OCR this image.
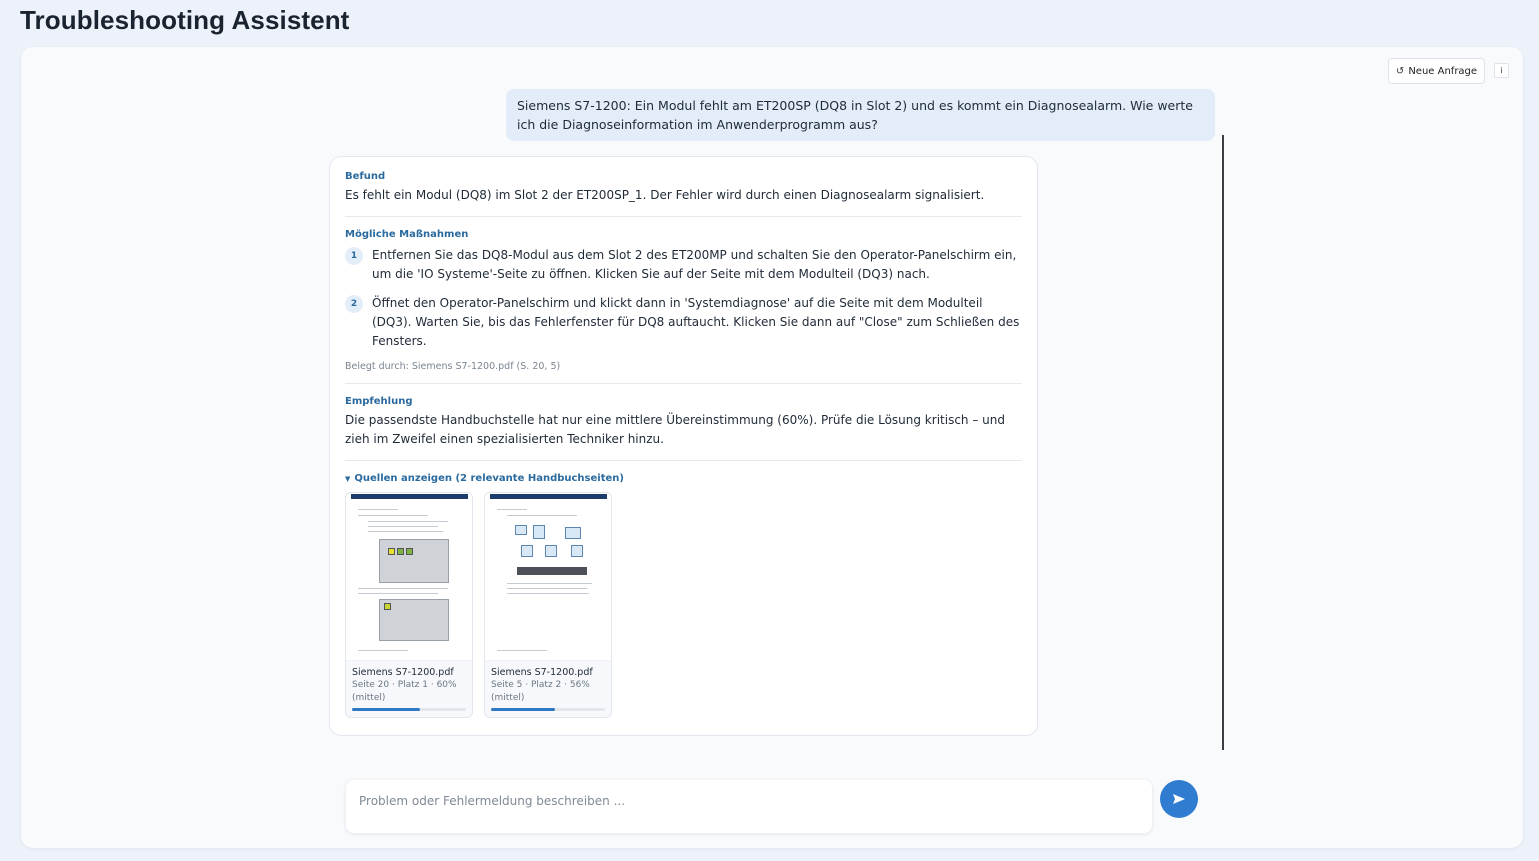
Troubleshooting Assistent
↺ Neue Anfrage	i
Siemens S7-1200: Ein Modul fehlt am ET200SP (DQ8 in Slot 2) und es kommt ein Diagnosealarm. Wie werte ich die Diagnoseinformation im Anwenderprogramm aus?
Befund
Es fehlt ein Modul (DQ8) im Slot 2 der ET200SP_1. Der Fehler wird durch einen Diagnosealarm signalisiert.
Mögliche Maßnahmen
1	Entfernen Sie das DQ8-Modul aus dem Slot 2 des ET200MP und schalten Sie den Operator-Panelschirm ein, um die 'IO Systeme'-Seite zu öffnen. Klicken Sie auf der Seite mit dem Modulteil (DQ3) nach.
2	Öffnet den Operator-Panelschirm und klickt dann in 'Systemdiagnose' auf die Seite mit dem Modulteil (DQ3). Warten Sie, bis das Fehlerfenster für DQ8 auftaucht. Klicken Sie dann auf "Close" zum Schließen des Fensters.
Belegt durch: Siemens S7-1200.pdf (S. 20, 5)
Empfehlung
Die passendste Handbuchstelle hat nur eine mittlere Übereinstimmung (60%). Prüfe die Lösung kritisch – und zieh im Zweifel einen spezialisierten Techniker hinzu.
▼ Quellen anzeigen (2 relevante Handbuchseiten)
Siemens S7-1200.pdf
Seite 20 · Platz 1 · 60% (mittel)
Siemens S7-1200.pdf
Seite 5 · Platz 2 · 56% (mittel)
Problem oder Fehlermeldung beschreiben ...
